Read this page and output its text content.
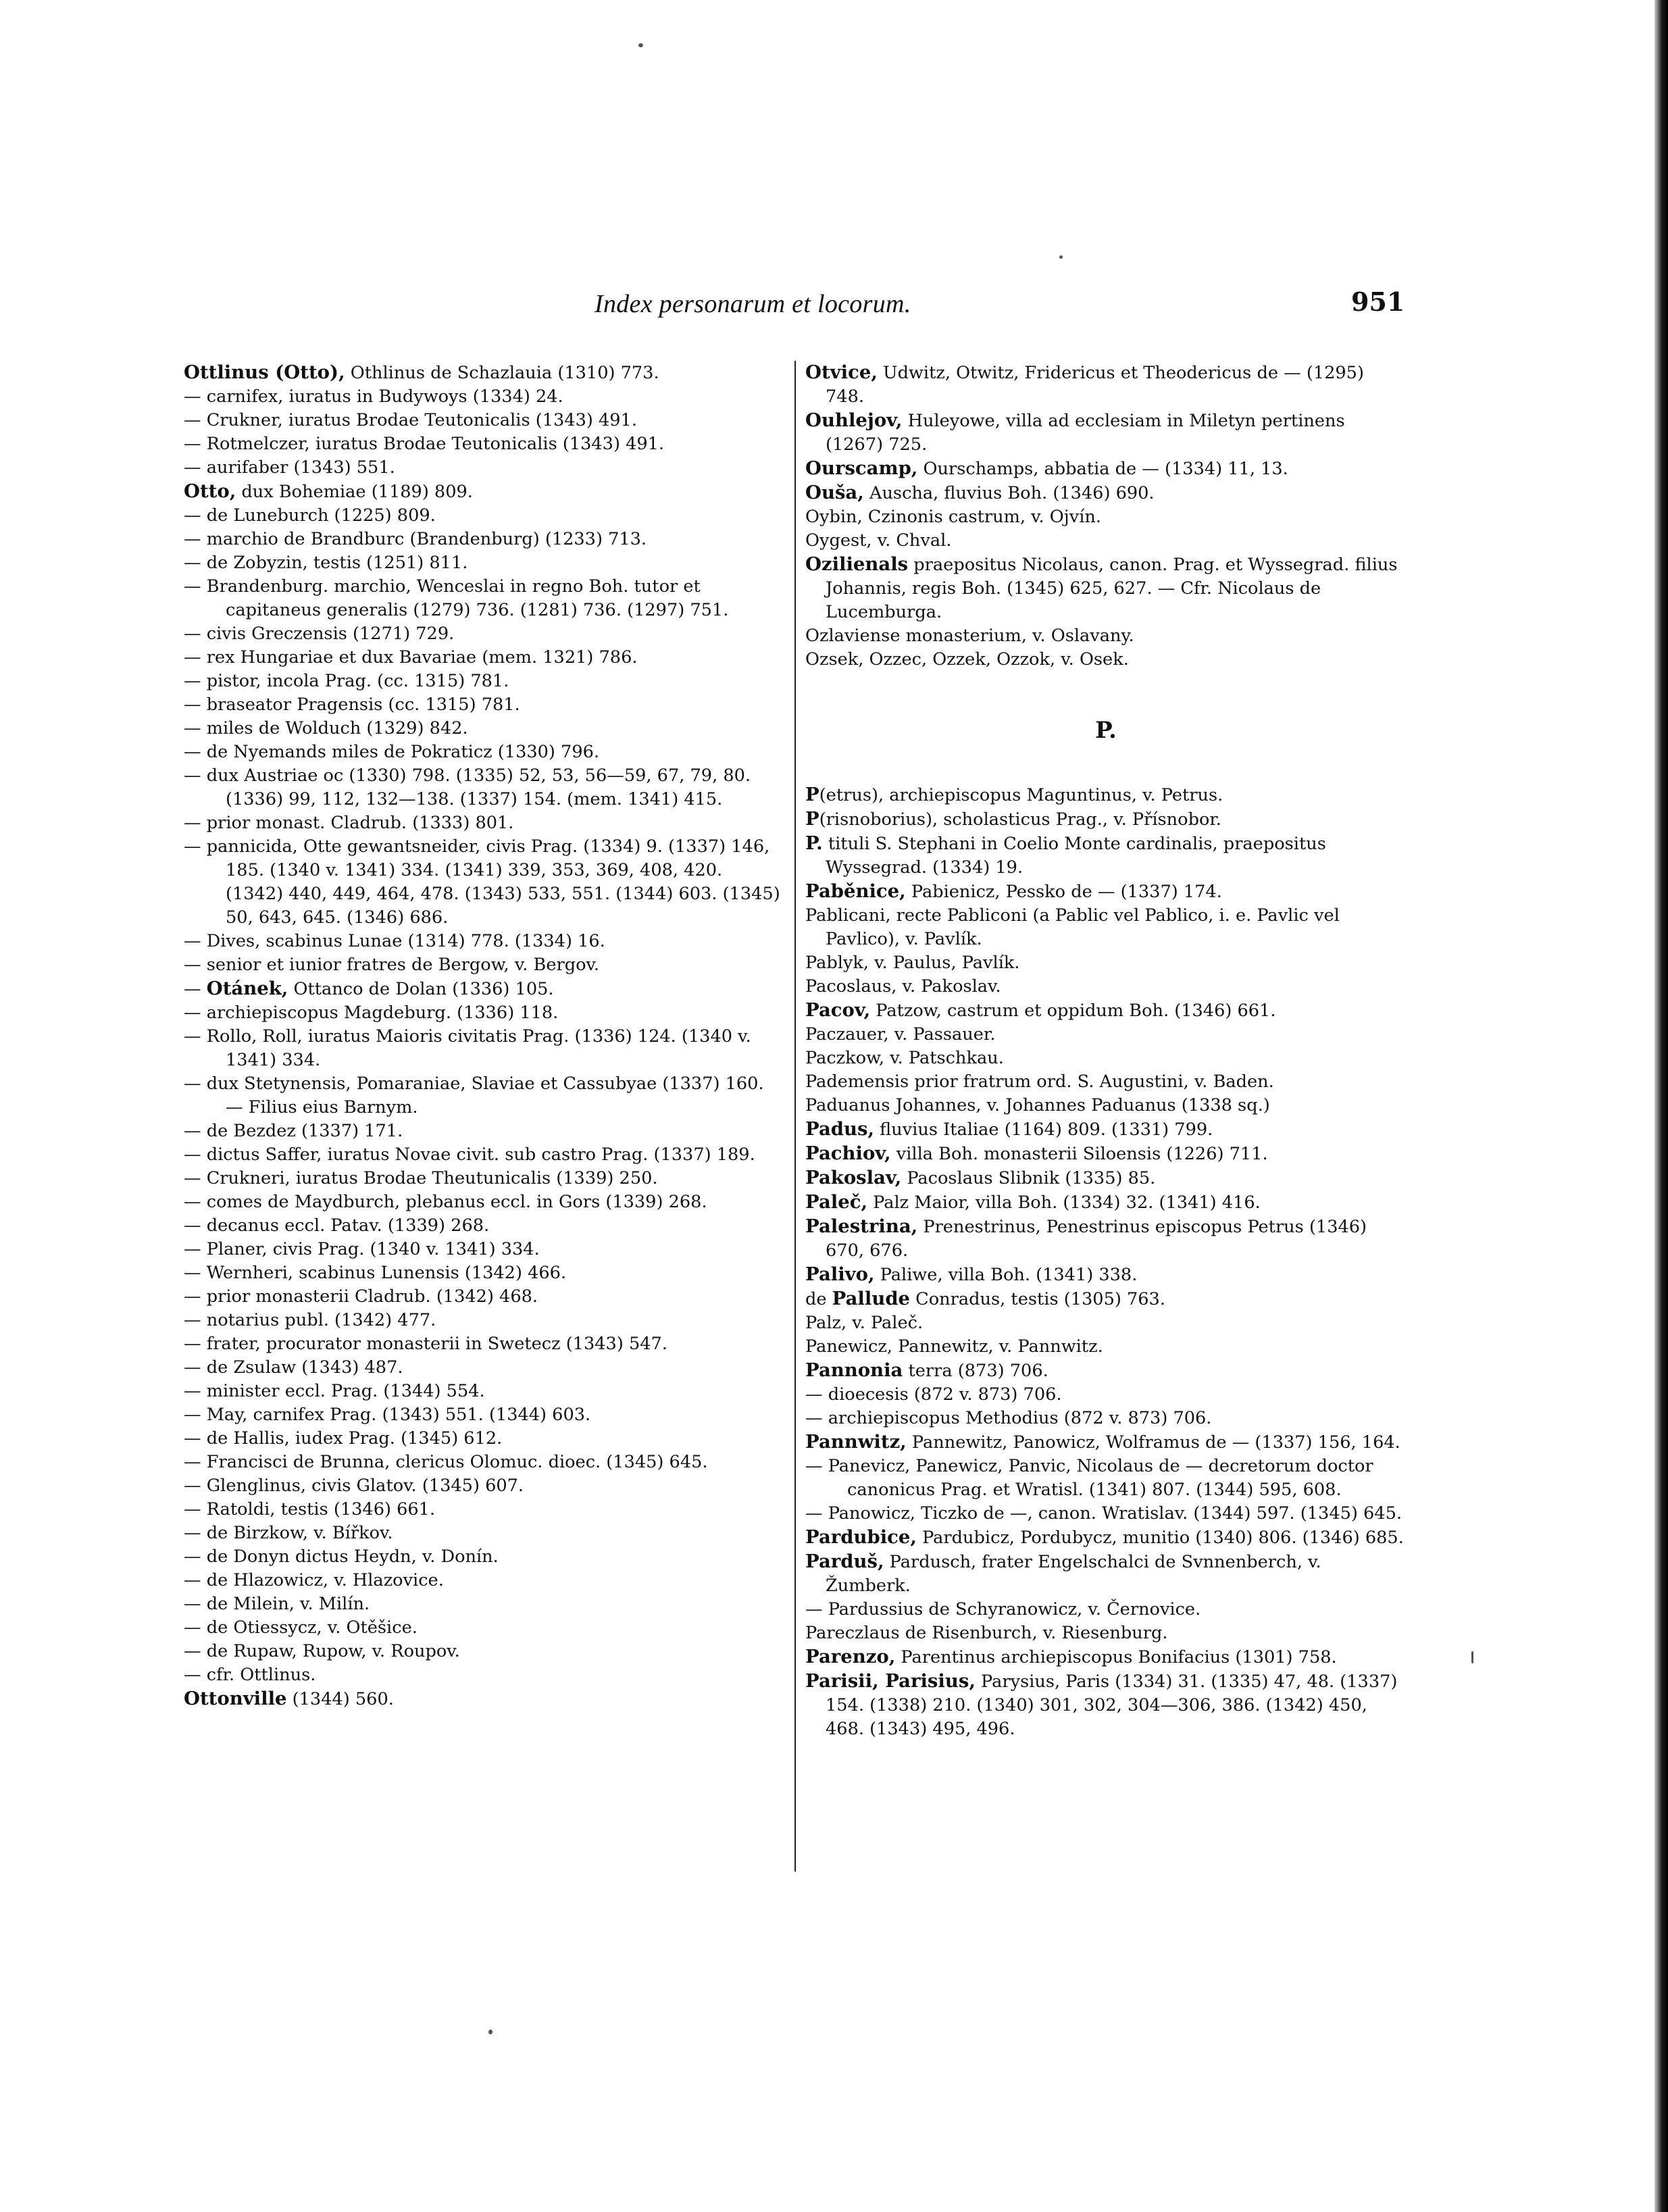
Index personarum et locorum.	951
Ottlinus (Otto), Othlinus de Schazlauia (1310) 773.
— carnifex, iuratus in Budywoys (1334) 24.
— Crukner, iuratus Brodae Teutonicalis (1343) 491.
— Rotmelczer, iuratus Brodae Teutonicalis (1343) 491.
— aurifaber (1343) 551.
Otto, dux Bohemiae (1189) 809.
— de Luneburch (1225) 809.
— marchio de Brandburc (Brandenburg) (1233) 713.
— de Zobyzin, testis (1251) 811.
— Brandenburg. marchio, Wenceslai in regno Boh. tutor et capitaneus generalis (1279) 736. (1281) 736. (1297) 751.
— civis Greczensis (1271) 729.
— rex Hungariae et dux Bavariae (mem. 1321) 786.
— pistor, incola Prag. (cc. 1315) 781.
— braseator Pragensis (cc. 1315) 781.
— miles de Wolduch (1329) 842.
— de Nyemands miles de Pokraticz (1330) 796.
— dux Austriae oc (1330) 798. (1335) 52, 53, 56—59, 67, 79, 80. (1336) 99, 112, 132—138. (1337) 154. (mem. 1341) 415.
— prior monast. Cladrub. (1333) 801.
— pannicida, Otte gewantsneider, civis Prag. (1334) 9. (1337) 146, 185. (1340 v. 1341) 334. (1341) 339, 353, 369, 408, 420. (1342) 440, 449, 464, 478. (1343) 533, 551. (1344) 603. (1345) 50, 643, 645. (1346) 686.
— Dives, scabinus Lunae (1314) 778. (1334) 16.
— senior et iunior fratres de Bergow, v. Bergov.
— Otánek, Ottanco de Dolan (1336) 105.
— archiepiscopus Magdeburg. (1336) 118.
— Rollo, Roll, iuratus Maioris civitatis Prag. (1336) 124. (1340 v. 1341) 334.
— dux Stetynensis, Pomaraniae, Slaviae et Cassubyae (1337) 160. — Filius eius Barnym.
— de Bezdez (1337) 171.
— dictus Saffer, iuratus Novae civit. sub castro Prag. (1337) 189.
— Crukneri, iuratus Brodae Theutunicalis (1339) 250.
— comes de Maydburch, plebanus eccl. in Gors (1339) 268.
— decanus eccl. Patav. (1339) 268.
— Planer, civis Prag. (1340 v. 1341) 334.
— Wernheri, scabinus Lunensis (1342) 466.
— prior monasterii Cladrub. (1342) 468.
— notarius publ. (1342) 477.
— frater, procurator monasterii in Swetecz (1343) 547.
— de Zsulaw (1343) 487.
— minister eccl. Prag. (1344) 554.
— May, carnifex Prag. (1343) 551. (1344) 603.
— de Hallis, iudex Prag. (1345) 612.
— Francisci de Brunna, clericus Olomuc. dioec. (1345) 645.
— Glenglinus, civis Glatov. (1345) 607.
— Ratoldi, testis (1346) 661.
— de Birzkow, v. Bířkov.
— de Donyn dictus Heydn, v. Donín.
— de Hlazowicz, v. Hlazovice.
— de Milein, v. Milín.
— de Otiessycz, v. Otěšice.
— de Rupaw, Rupow, v. Roupov.
— cfr. Ottlinus.
Ottonville (1344) 560.
Otvice, Udwitz, Otwitz, Fridericus et Theodericus de — (1295) 748.
Ouhlejov, Huleyowe, villa ad ecclesiam in Miletyn pertinens (1267) 725.
Ourscamp, Ourschamps, abbatia de — (1334) 11, 13.
Ouša, Auscha, fluvius Boh. (1346) 690.
Oybin, Czinonis castrum, v. Ojvín.
Oygest, v. Chval.
Ozilienals praepositus Nicolaus, canon. Prag. et Wyssegrad. filius Johannis, regis Boh. (1345) 625, 627. — Cfr. Nicolaus de Lucemburga.
Ozlaviense monasterium, v. Oslavany.
Ozsek, Ozzec, Ozzek, Ozzok, v. Osek.
P.
P(etrus), archiepiscopus Maguntinus, v. Petrus.
P(risnoborius), scholasticus Prag., v. Přísnobor.
P. tituli S. Stephani in Coelio Monte cardinalis, praepositus Wyssegrad. (1334) 19.
Paběnice, Pabienicz, Pessko de — (1337) 174.
Pablicani, recte Pabliconi (a Pablic vel Pablico, i. e. Pavlic vel Pavlico), v. Pavlík.
Pablyk, v. Paulus, Pavlík.
Pacoslaus, v. Pakoslav.
Pacov, Patzow, castrum et oppidum Boh. (1346) 661.
Paczauer, v. Passauer.
Paczkow, v. Patschkau.
Pademensis prior fratrum ord. S. Augustini, v. Baden.
Paduanus Johannes, v. Johannes Paduanus (1338 sq.)
Padus, fluvius Italiae (1164) 809. (1331) 799.
Pachiov, villa Boh. monasterii Siloensis (1226) 711.
Pakoslav, Pacoslaus Slibnik (1335) 85.
Paleč, Palz Maior, villa Boh. (1334) 32. (1341) 416.
Palestrina, Prenestrinus, Penestrinus episcopus Petrus (1346) 670, 676.
Palivo, Paliwe, villa Boh. (1341) 338.
de Pallude Conradus, testis (1305) 763.
Palz, v. Paleč.
Panewicz, Pannewitz, v. Pannwitz.
Pannonia terra (873) 706.
— dioecesis (872 v. 873) 706.
— archiepiscopus Methodius (872 v. 873) 706.
Pannwitz, Pannewitz, Panowicz, Wolframus de — (1337) 156, 164.
— Panevicz, Panewicz, Panvic, Nicolaus de — decretorum doctor canonicus Prag. et Wratisl. (1341) 807. (1344) 595, 608.
— Panowicz, Ticzko de —, canon. Wratislav. (1344) 597. (1345) 645.
Pardubice, Pardubicz, Pordubycz, munitio (1340) 806. (1346) 685.
Parduš, Pardusch, frater Engelschalci de Svnnenberch, v. Žumberk.
— Pardussius de Schyranowicz, v. Černovice.
Pareczlaus de Risenburch, v. Riesenburg.
Parenzo, Parentinus archiepiscopus Bonifacius (1301) 758.
Parisii, Parisius, Parysius, Paris (1334) 31. (1335) 47, 48. (1337) 154. (1338) 210. (1340) 301, 302, 304—306, 386. (1342) 450, 468. (1343) 495, 496.
